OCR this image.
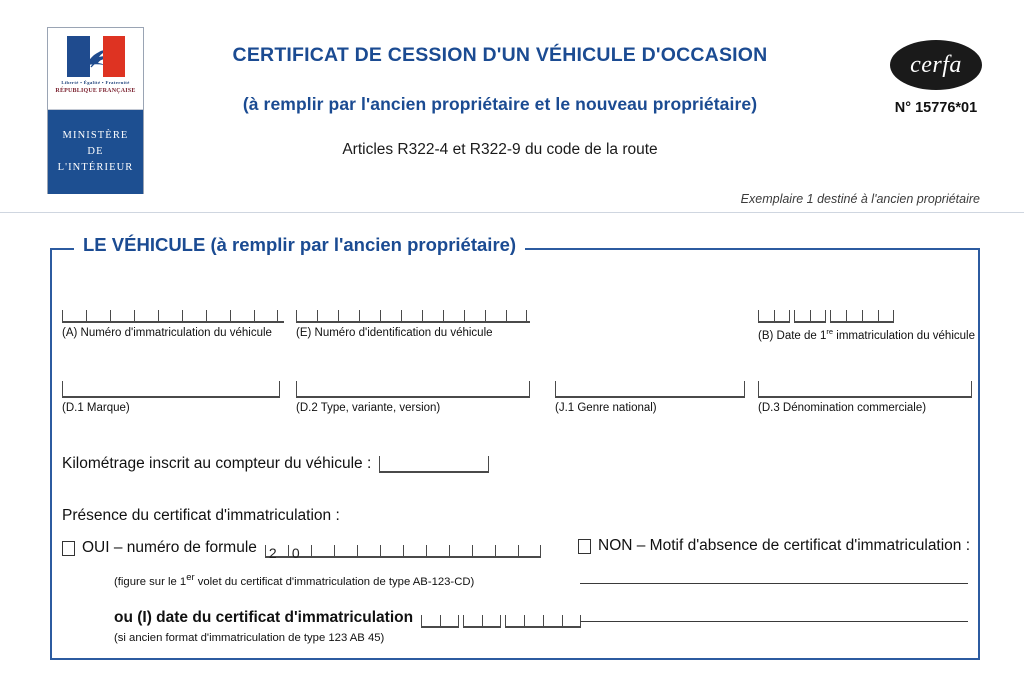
Liberté • Égalité • Fraternité
RÉPUBLIQUE FRANÇAISE
MINISTÈRE
DE
L'INTÉRIEUR
CERTIFICAT DE CESSION D'UN VÉHICULE D'OCCASION
(à remplir par l'ancien propriétaire et le nouveau propriétaire)
Articles R322-4 et R322-9 du code de la route
cerfa
N° 15776*01
Exemplaire 1 destiné à l'ancien propriétaire
LE VÉHICULE (à remplir par l'ancien propriétaire)
(A) Numéro d'immatriculation du véhicule	(E) Numéro d'identification du véhicule	(B) Date de 1re immatriculation du véhicule
(D.1 Marque)	(D.2 Type, variante, version)	(J.1 Genre national)	(D.3 Dénomination commerciale)
Kilométrage inscrit au compteur du véhicule :
Présence du certificat d'immatriculation :
OUI – numéro de formule 2 0
(figure sur le 1er volet du certificat d'immatriculation de type AB-123-CD)
ou (I) date du certificat d'immatriculation
(si ancien format d'immatriculation de type 123 AB 45)
NON – Motif d'absence de certificat d'immatriculation :
